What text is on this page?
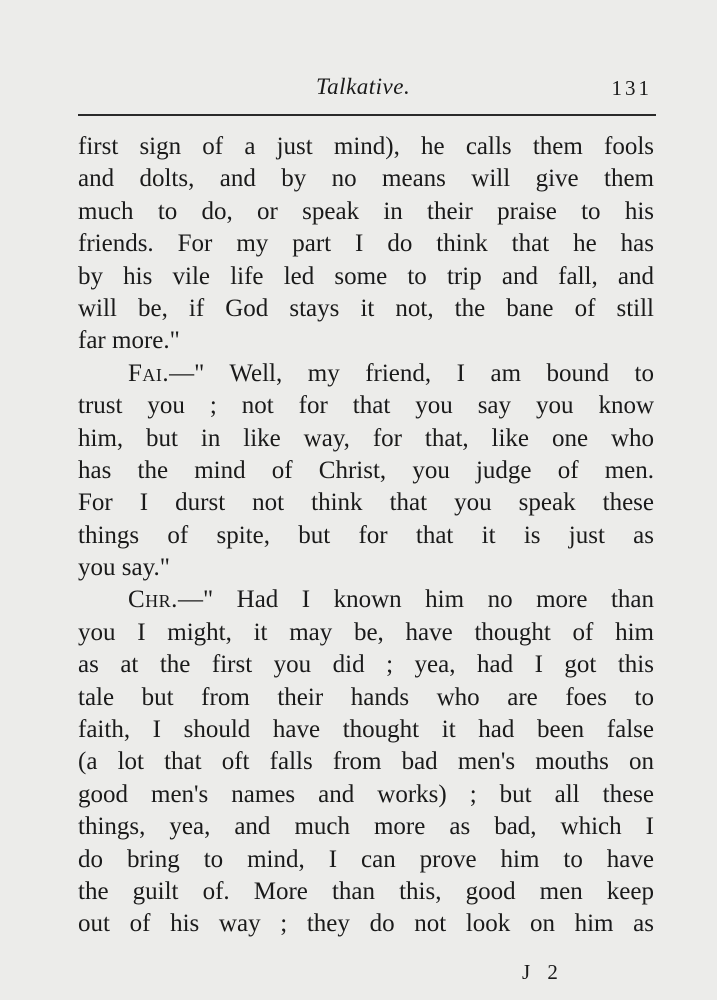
Talkative.	131
first sign of a just mind), he calls them fools
and dolts, and by no means will give them
much to do, or speak in their praise to his
friends. For my part I do think that he has
by his vile life led some to trip and fall, and
will be, if God stays it not, the bane of still
far more."
Fai.—" Well, my friend, I am bound to
trust you ; not for that you say you know
him, but in like way, for that, like one who
has the mind of Christ, you judge of men.
For I durst not think that you speak these
things of spite, but for that it is just as
you say."
Chr.—" Had I known him no more than
you I might, it may be, have thought of him
as at the first you did ; yea, had I got this
tale but from their hands who are foes to
faith, I should have thought it had been false
(a lot that oft falls from bad men's mouths on
good men's names and works) ; but all these
things, yea, and much more as bad, which I
do bring to mind, I can prove him to have
the guilt of. More than this, good men keep
out of his way ; they do not look on him as
J 2
